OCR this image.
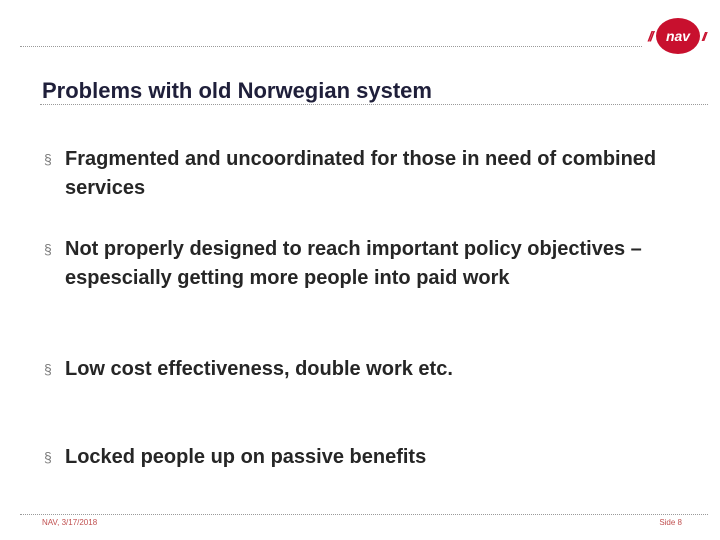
// nav //
Problems with old Norwegian system
§ Fragmented and uncoordinated for those in need of combined services
§ Not properly designed to reach important policy objectives – espescially getting more people into paid work
§ Low cost effectiveness, double work etc.
§ Locked people up on passive benefits
NAV, 3/17/2018	Side 8
